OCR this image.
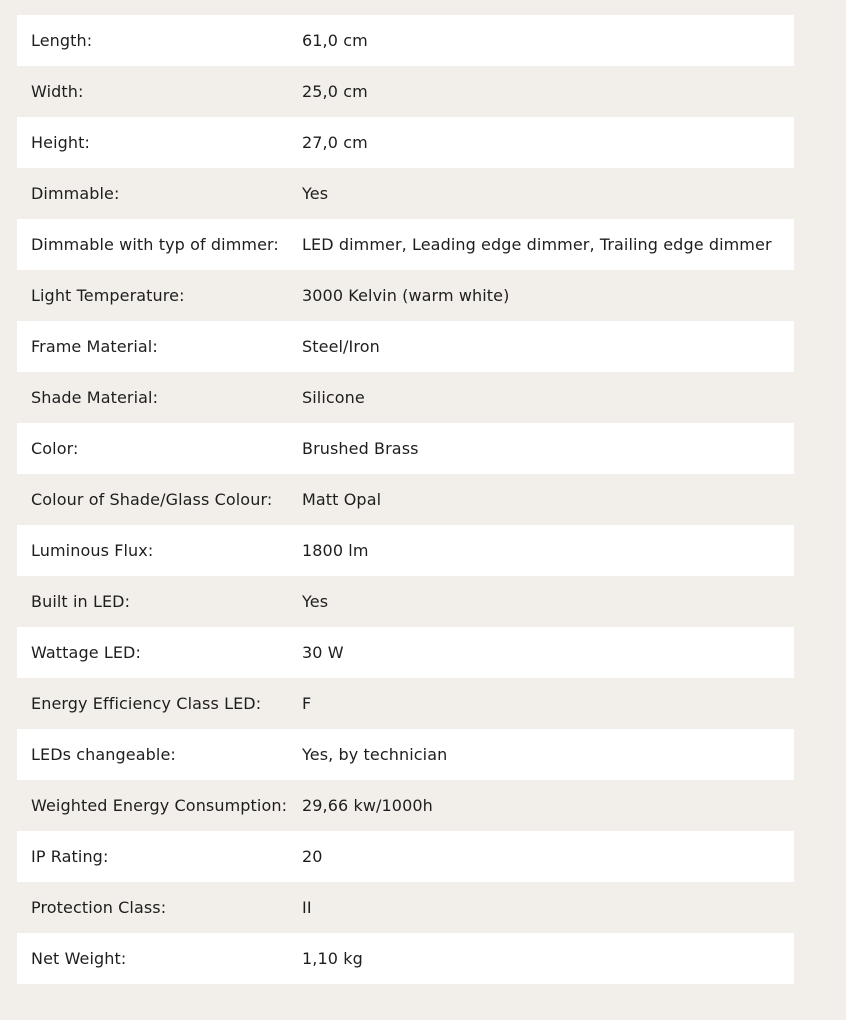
Length:	61,0 cm
Width:	25,0 cm
Height:	27,0 cm
Dimmable:	Yes
Dimmable with typ of dimmer:	LED dimmer, Leading edge dimmer, Trailing edge dimmer
Light Temperature:	3000 Kelvin (warm white)
Frame Material:	Steel/Iron
Shade Material:	Silicone
Color:	Brushed Brass
Colour of Shade/Glass Colour:	Matt Opal
Luminous Flux:	1800 lm
Built in LED:	Yes
Wattage LED:	30 W
Energy Efficiency Class LED:	F
LEDs changeable:	Yes, by technician
Weighted Energy Consumption: 29,66 kw/1000h
IP Rating:	20
Protection Class:	II
Net Weight:	1,10 kg
